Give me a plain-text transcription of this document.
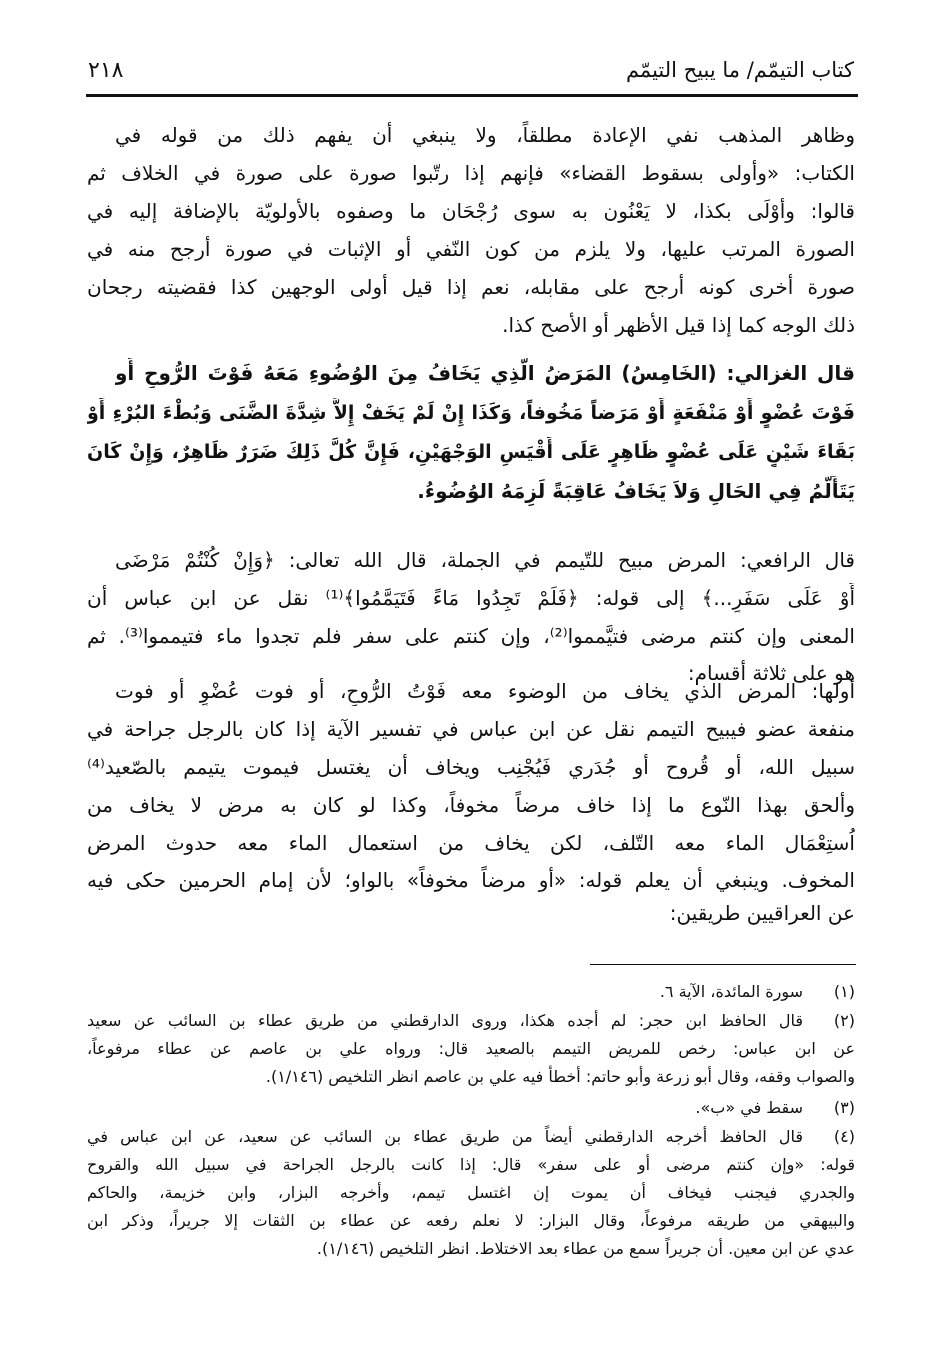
٢١٨	كتاب التيمّم/ ما يبيح التيمّم
وظاهر المذهب نفي الإعادة مطلقاً، ولا ينبغي أن يفهم ذلك من قوله في
الكتاب: «وأولى بسقوط القضاء» فإنهم إذا رتّبوا صورة على صورة في الخلاف ثم
قالوا: وأوْلَى بكذا، لا يَعْنُون به سوى رُجْحَان ما وصفوه بالأولويّة بالإضافة إليه في
الصورة المرتب عليها، ولا يلزم من كون النّفي أو الإثبات في صورة أرجح منه في
صورة أخرى كونه أرجح على مقابله، نعم إذا قيل أولى الوجهين كذا فقضيته رجحان
ذلك الوجه كما إذا قيل الأظهر أو الأصح كذا.
قال الغزالي: (الخَامِسُ) المَرَضُ الَّذِي يَخَافُ مِنَ الوُضُوءِ مَعَهُ فَوْتَ الرُّوحِ أَو
فَوْتَ عُضْوٍ أَوْ مَنْفَعَةٍ أَوْ مَرَضاً مَخُوفاً، وَكَذَا إِنْ لَمْ يَخَفْ إِلاَّ شِدَّةَ الضَّنَى وَبُطْءَ البُرْءِ أَوْ
بَقَاءَ شَيْنٍ عَلَى عُضْوٍ ظَاهِرٍ عَلَى أَقْيَسِ الوَجْهَيْنِ، فَإِنَّ كُلَّ ذَلِكَ ضَرَرٌ ظَاهِرٌ، وَإِنْ كَانَ
يَتَأَلَّمُ فِي الحَالِ وَلاَ يَخَافُ عَاقِبَةً لَزِمَهُ الوُضُوءُ.
قال الرافعي: المرض مبيح للتّيمم في الجملة، قال الله تعالى: ﴿وَإِنْ كُنْتُمْ مَرْضَى
أَوْ عَلَى سَفَرٍ...﴾ إلى قوله: ﴿فَلَمْ تَجِدُوا مَاءً فَتَيَمَّمُوا﴾⁽¹⁾ نقل عن ابن عباس أن
المعنى وإن كنتم مرضى فتيَّمموا⁽²⁾، وإن كنتم على سفر فلم تجدوا ماء فتيمموا⁽³⁾. ثم
هو على ثلاثة أقسام:
أولها: المرض الذي يخاف من الوضوء معه فَوْتُ الرُّوحِ، أو فوت عُضْوٍ أو فوت
منفعة عضو فيبيح التيمم نقل عن ابن عباس في تفسير الآية إذا كان بالرجل جراحة في
سبيل الله، أو قُروح أو جُدَري فَيُجْنِب ويخاف أن يغتسل فيموت يتيمم بالصّعيد⁽⁴⁾
وألحق بهذا النّوع ما إذا خاف مرضاً مخوفاً، وكذا لو كان به مرض لا يخاف من
اُستِعْمَال الماء معه التّلف، لكن يخاف من استعمال الماء معه حدوث المرض
المخوف. وينبغي أن يعلم قوله: «أو مرضاً مخوفاً» بالواو؛ لأن إمام الحرمين حكى فيه
عن العراقيين طريقين:
(١)
سورة المائدة، الآية ٦.
(٢)
قال الحافظ ابن حجر: لم أجده هكذا، وروى الدارقطني من طريق عطاء بن السائب عن سعيد
عن ابن عباس: رخص للمريض التيمم بالصعيد قال: ورواه علي بن عاصم عن عطاء مرفوعاً،
والصواب وقفه، وقال أبو زرعة وأبو حاتم: أخطأ فيه علي بن عاصم انظر التلخيص (١/١٤٦).
(٣)
سقط في «ب».
(٤)
قال الحافظ أخرجه الدارقطني أيضاً من طريق عطاء بن السائب عن سعيد، عن ابن عباس في
قوله: «وإن كنتم مرضى أو على سفر» قال: إذا كانت بالرجل الجراحة في سبيل الله والقروح
والجدري فيجنب فيخاف أن يموت إن اغتسل تيمم، وأخرجه البزار، وابن خزيمة، والحاكم
والبيهقي من طريقه مرفوعاً، وقال البزار: لا نعلم رفعه عن عطاء بن الثقات إلا جريراً، وذكر ابن
عدي عن ابن معين. أن جريراً سمع من عطاء بعد الاختلاط. انظر التلخيص (١/١٤٦).
